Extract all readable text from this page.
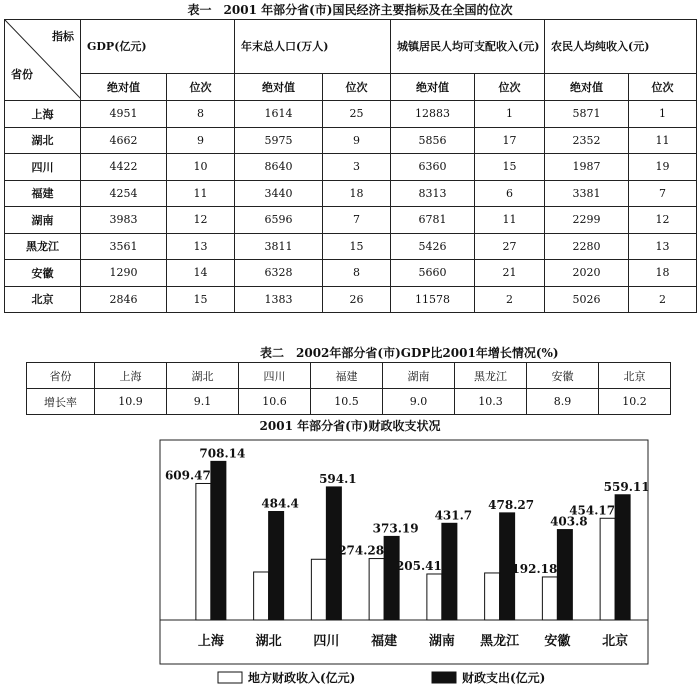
表一　2001 年部分省(市)国民经济主要指标及在全国的位次
指标
省份	GDP(亿元)		年末总人口(万人)		城镇居民人均可支配收入(元)		农民人均纯收入(元)	
	绝对值	位次	绝对值	位次	绝对值	位次	绝对值	位次
上海	4951	8	1614	25	12883	1	5871	1
湖北	4662	9	5975	9	5856	17	2352	11
四川	4422	10	8640	3	6360	15	1987	19
福建	4254	11	3440	18	8313	6	3381	7
湖南	3983	12	6596	7	6781	11	2299	12
黑龙江	3561	13	3811	15	5426	27	2280	13
安徽	1290	14	6328	8	5660	21	2020	18
北京	2846	15	1383	26	11578	2	5026	2
表二　2002年部分省(市)GDP比2001年增长情况(%)
省份	上海	湖北	四川	福建	湖南	黑龙江	安徽	北京
增长率	10.9	9.1	10.6	10.5	9.0	10.3	8.9	10.2
2001 年部分省(市)财政收支状况
609.47
708.14
上海
484.4
湖北
594.1
四川
274.28
373.19
福建
205.41
431.7
湖南
478.27
黑龙江
192.18
403.8
安徽
454.17
559.11
北京
地方财政收入(亿元)	财政支出(亿元)
